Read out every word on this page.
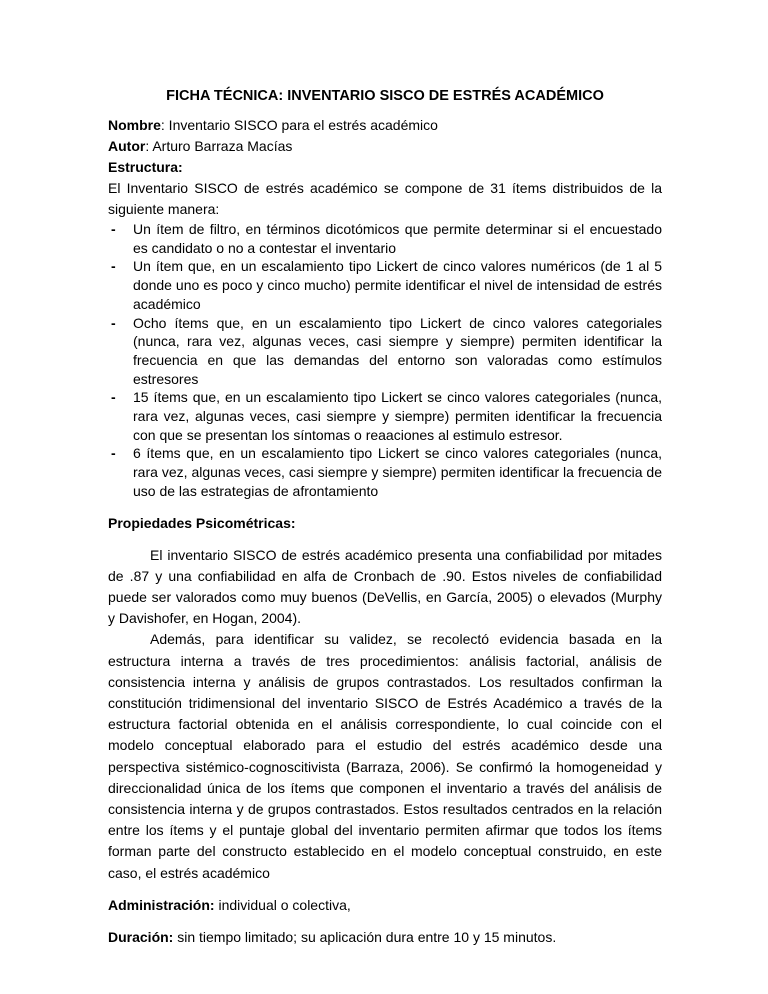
FICHA TÉCNICA: INVENTARIO SISCO DE ESTRÉS ACADÉMICO
Nombre: Inventario SISCO para el estrés académico
Autor: Arturo Barraza Macías
Estructura:

El Inventario SISCO de estrés académico se compone de 31 ítems distribuidos de la siguiente manera:

- Un ítem de filtro, en términos dicotómicos que permite determinar si el encuestado es candidato o no a contestar el inventario
- Un ítem que, en un escalamiento tipo Lickert de cinco valores numéricos (de 1 al 5 donde uno es poco y cinco mucho) permite identificar el nivel de intensidad de estrés académico
- Ocho ítems que, en un escalamiento tipo Lickert de cinco valores categoriales (nunca, rara vez, algunas veces, casi siempre y siempre) permiten identificar la frecuencia en que las demandas del entorno son valoradas como estímulos estresores
- 15 ítems que, en un escalamiento tipo Lickert se cinco valores categoriales (nunca, rara vez, algunas veces, casi siempre y siempre) permiten identificar la frecuencia con que se presentan los síntomas o reaaciones al estimulo estresor.
- 6 ítems que, en un escalamiento tipo Lickert se cinco valores categoriales (nunca, rara vez, algunas veces, casi siempre y siempre) permiten identificar la frecuencia de uso de las estrategias de afrontamiento
Propiedades Psicométricas:

El inventario SISCO de estrés académico presenta una confiabilidad por mitades de .87 y una confiabilidad en alfa de Cronbach de .90. Estos niveles de confiabilidad puede ser valorados como muy buenos (DeVellis, en García, 2005) o elevados (Murphy y Davishofer, en Hogan, 2004).

Además, para identificar su validez, se recolectó evidencia basada en la estructura interna a través de tres procedimientos: análisis factorial, análisis de consistencia interna y análisis de grupos contrastados. Los resultados confirman la constitución tridimensional del inventario SISCO de Estrés Académico a través de la estructura factorial obtenida en el análisis correspondiente, lo cual coincide con el modelo conceptual elaborado para el estudio del estrés académico desde una perspectiva sistémico-cognoscitivista (Barraza, 2006). Se confirmó la homogeneidad y direccionalidad única de los ítems que componen el inventario a través del análisis de consistencia interna y de grupos contrastados. Estos resultados centrados en la relación entre los ítems y el puntaje global del inventario permiten afirmar que todos los ítems forman parte del constructo establecido en el modelo conceptual construido, en este caso, el estrés académico

Administración: individual o colectiva,
Duración: sin tiempo limitado; su aplicación dura entre 10 y 15 minutos.
